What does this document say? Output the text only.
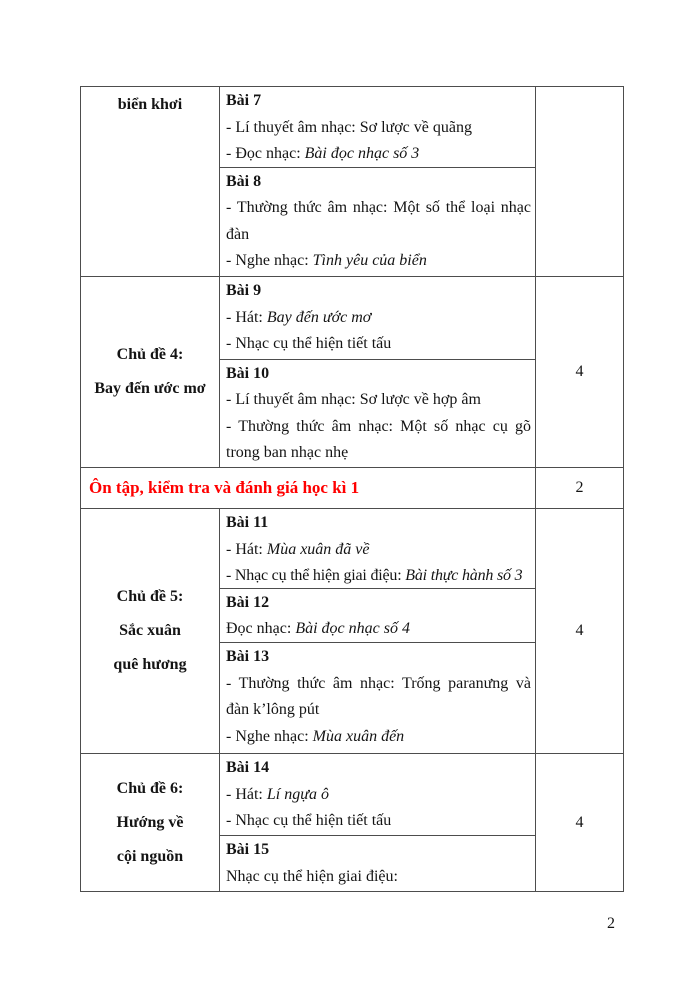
biển khơi	Bài 7
- Lí thuyết âm nhạc: Sơ lược về quãng
- Đọc nhạc: Bài đọc nhạc số 3
Bài 8
- Thường thức âm nhạc: Một số thể loại nhạc đàn
- Nghe nhạc: Tình yêu của biển
Chủ đề 4:
Bay đến ước mơ
Bài 9
- Hát: Bay đến ước mơ
- Nhạc cụ thể hiện tiết tấu
Bài 10
- Lí thuyết âm nhạc: Sơ lược về hợp âm
- Thường thức âm nhạc: Một số nhạc cụ gõ trong ban nhạc nhẹ
4
Ôn tập, kiểm tra và đánh giá học kì 1	2
Chủ đề 5:
Sắc xuân
quê hương
Bài 11
- Hát: Mùa xuân đã về
- Nhạc cụ thể hiện giai điệu: Bài thực hành số 3
Bài 12
Đọc nhạc: Bài đọc nhạc số 4
Bài 13
- Thường thức âm nhạc: Trống paranưng và đàn k’lông pút
- Nghe nhạc: Mùa xuân đến
4
Chủ đề 6:
Hướng về
cội nguồn
Bài 14
- Hát: Lí ngựa ô
- Nhạc cụ thể hiện tiết tấu
Bài 15
Nhạc cụ thể hiện giai điệu:
4
2
